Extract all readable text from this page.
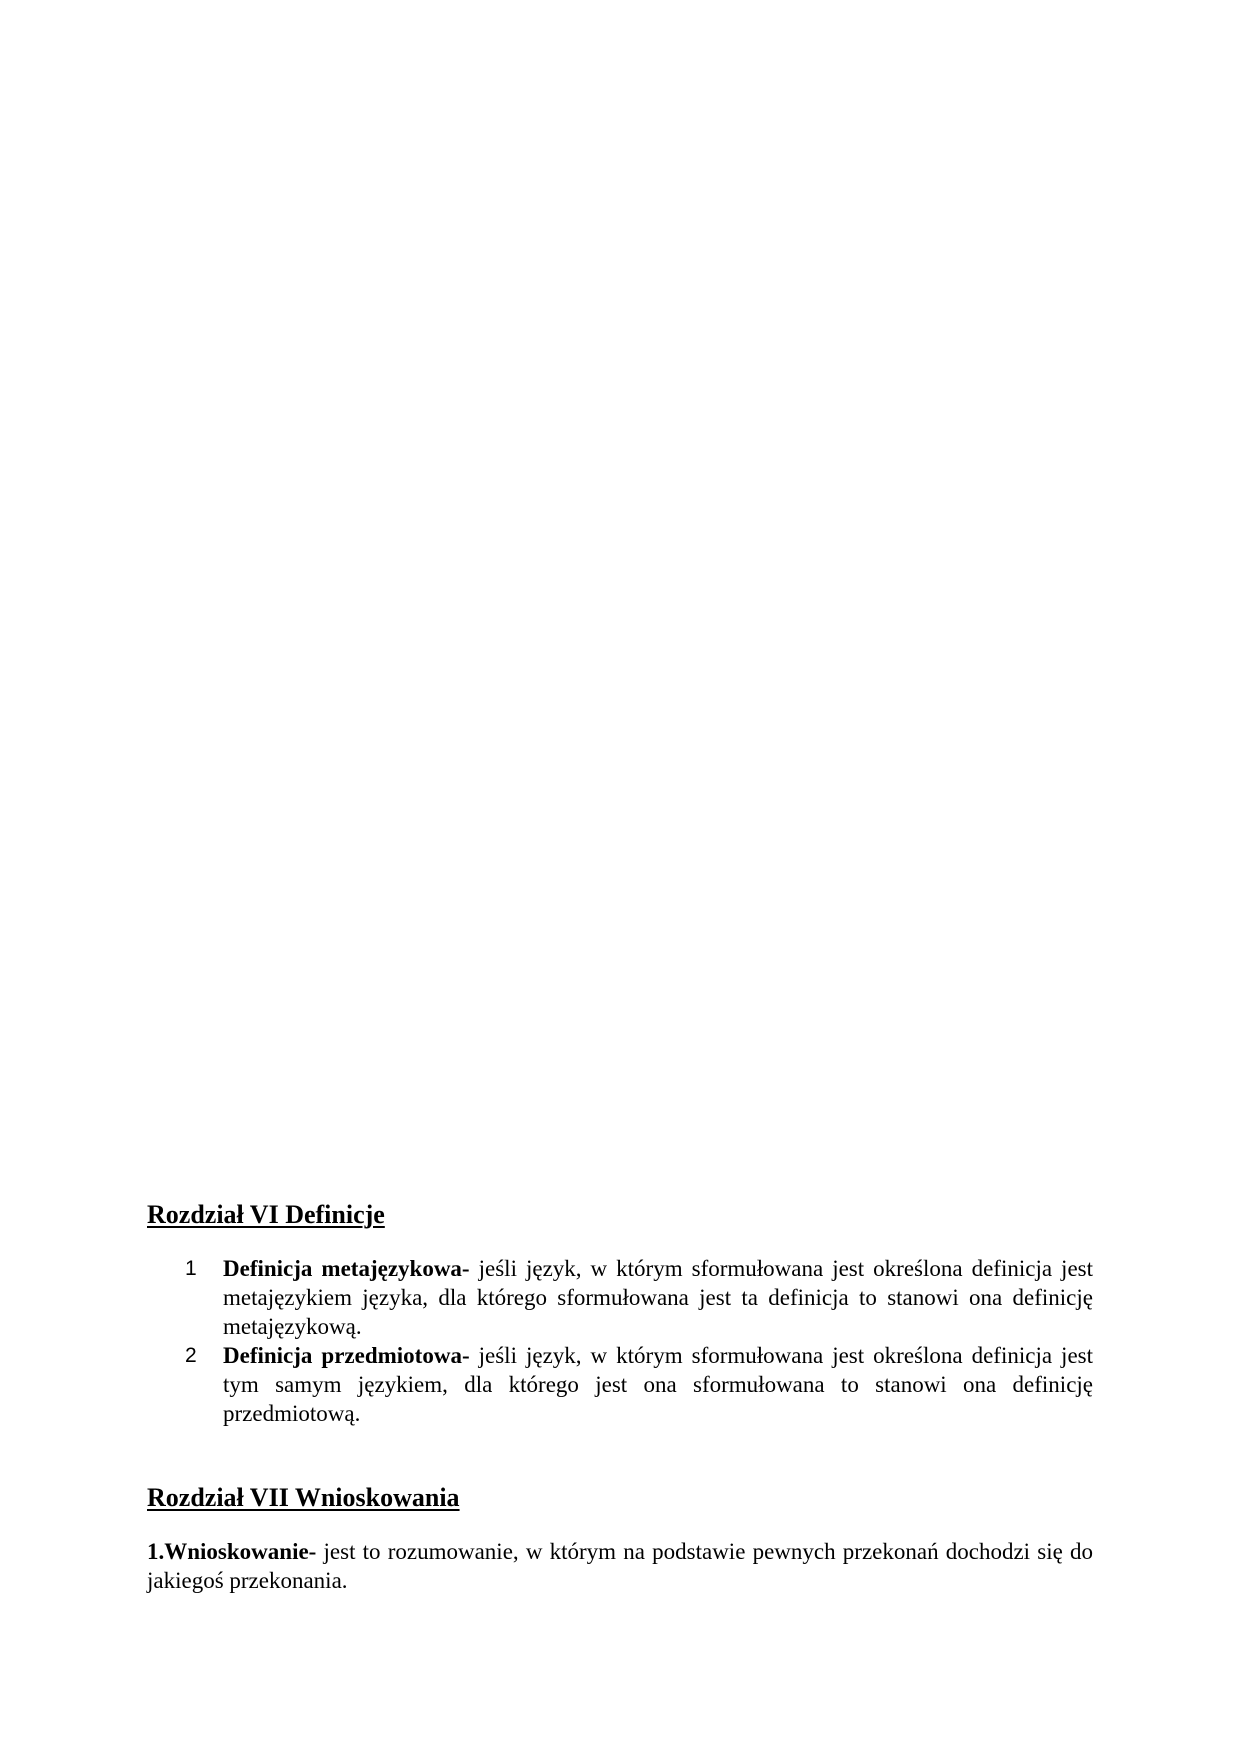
Rozdział VI Definicje
1 Definicja metajęzykowa- jeśli język, w którym sformułowana jest określona definicja jest metajęzykiem języka, dla którego sformułowana jest ta definicja to stanowi ona definicję metajęzykową.
2 Definicja przedmiotowa- jeśli język, w którym sformułowana jest określona definicja jest tym samym językiem, dla którego jest ona sformułowana to stanowi ona definicję przedmiotową.
Rozdział VII Wnioskowania

1.Wnioskowanie- jest to rozumowanie, w którym na podstawie pewnych przekonań dochodzi się do jakiegoś przekonania.
